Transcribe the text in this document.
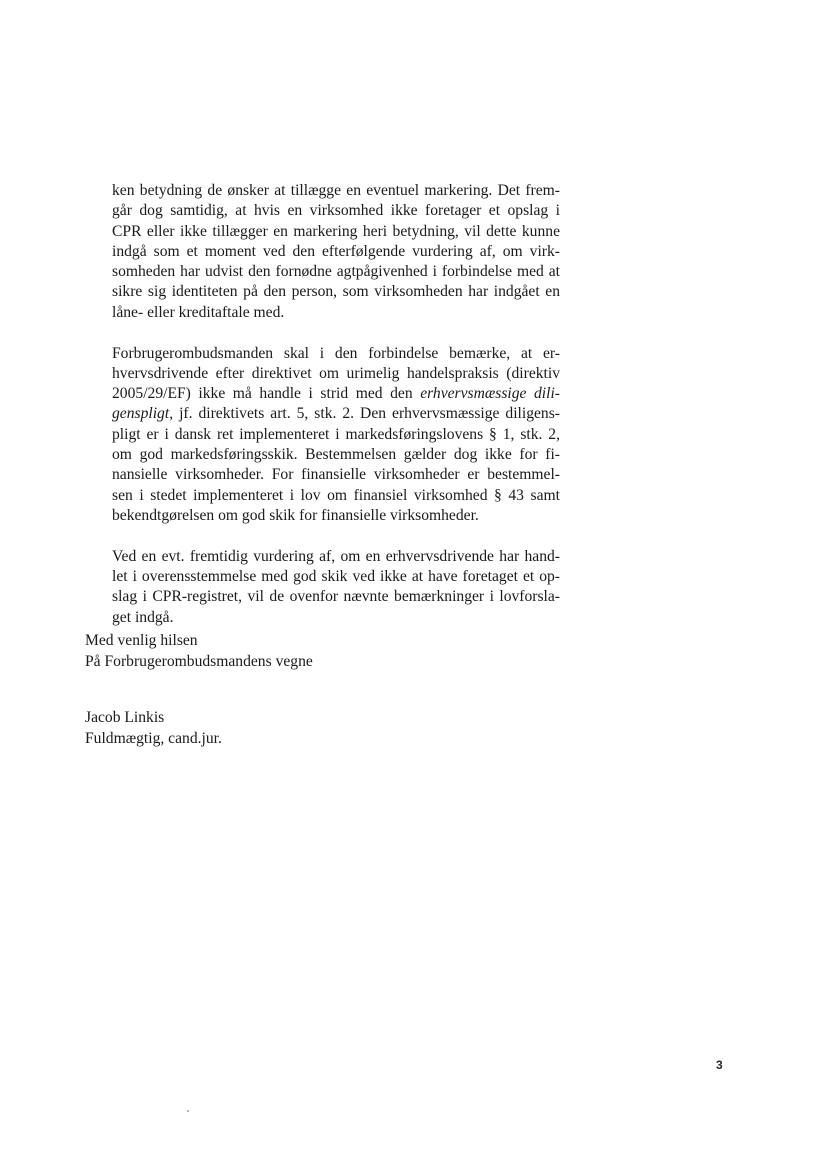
ken betydning de ønsker at tillægge en eventuel markering. Det frem-
går dog samtidig, at hvis en virksomhed ikke foretager et opslag i
CPR eller ikke tillægger en markering heri betydning, vil dette kunne
indgå som et moment ved den efterfølgende vurdering af, om virk-
somheden har udvist den fornødne agtpågivenhed i forbindelse med at
sikre sig identiteten på den person, som virksomheden har indgået en
låne- eller kreditaftale med.
Forbrugerombudsmanden skal i den forbindelse bemærke, at er-
hvervsdrivende efter direktivet om urimelig handelspraksis (direktiv
2005/29/EF) ikke må handle i strid med den erhvervsmæssige dili-
genspligt, jf. direktivets art. 5, stk. 2. Den erhvervsmæssige diligens-
pligt er i dansk ret implementeret i markedsføringslovens § 1, stk. 2,
om god markedsføringsskik. Bestemmelsen gælder dog ikke for fi-
nansielle virksomheder. For finansielle virksomheder er bestemmel-
sen i stedet implementeret i lov om finansiel virksomhed § 43 samt
bekendtgørelsen om god skik for finansielle virksomheder.
Ved en evt. fremtidig vurdering af, om en erhvervsdrivende har hand-
let i overensstemmelse med god skik ved ikke at have foretaget et op-
slag i CPR-registret, vil de ovenfor nævnte bemærkninger i lovforsla-
get indgå.
Med venlig hilsen
På Forbrugerombudsmandens vegne
Jacob Linkis
Fuldmægtig, cand.jur.
3
